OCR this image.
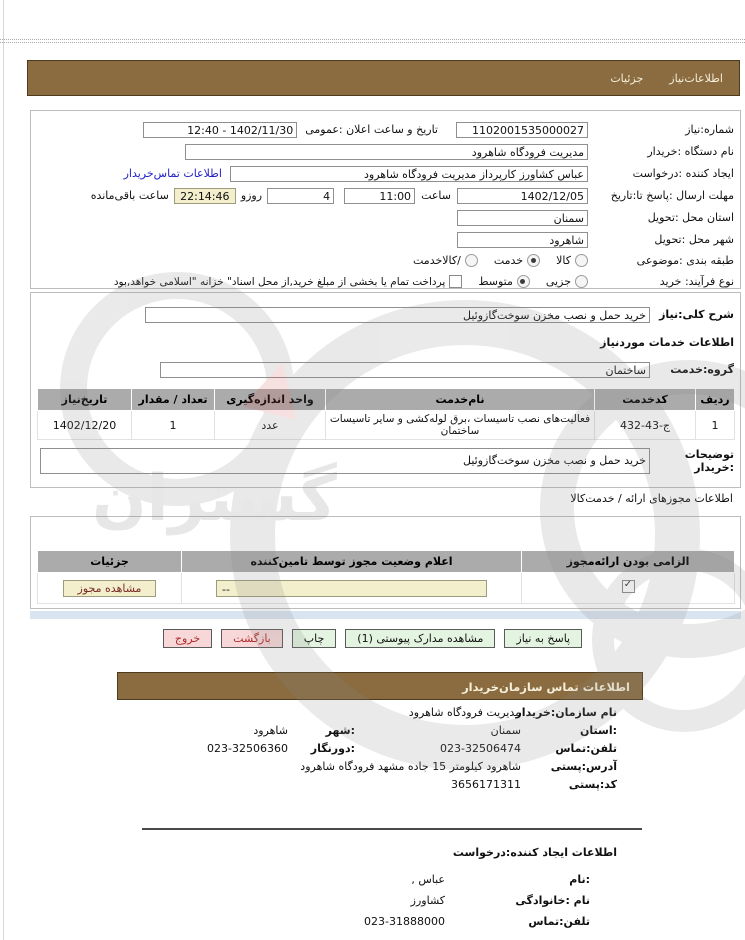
اطلاعات‌نیاز
جزئیات
شماره:نیاز
1102001535000027
تاریخ و ساعت اعلان :عمومی
12:40 - 1402/11/30
نام دستگاه :خریدار
مدیریت فرودگاه شاهرود
ایجاد کننده :درخواست
عباس کشاورز کارپرداز مدیریت فرودگاه شاهرود
اطلاعات تماس‌خریدار
مهلت ارسال :پاسخ تا:تاریخ
1402/12/05
ساعت
11:00
4
روزو
22:14:46
ساعت باقی‌مانده
استان محل :تحویل
سمنان
شهر محل :تحویل
شاهرود
طبقه بندی :موضوعی
کالا
خدمت
/کالاخدمت
نوع فرآیند: خرید
جزیی
متوسط
پرداخت تمام یا بخشی از مبلغ خرید,از محل اسناد" خزانه "اسلامی خواهد,بود
شرح کلی:نیاز
خرید حمل و نصب مخزن سوخت‌گازوئیل
اطلاعات خدمات موردنیاز
گروه:خدمت
ساختمان
ردیف	کدخدمت	نام‌خدمت	واحد اندازه‌گیری	تعداد / مقدار	تاریخ‌نیاز
1	ج-43-432	فعالیت‌های نصب تاسیسات ،برق لوله‌کشی و سایر تاسیسات ساختمان	عدد	1	1402/12/20
توضیحات
:خریدار
خرید حمل و نصب مخزن سوخت‌گازوئیل
اطلاعات مجوزهای ارائه / خدمت‌کالا
الزامی بودن ارائه‌مجوز	اعلام وضعیت مجوز توسط تامین‌کننده	جزئیات
✓	--	مشاهده مجوز
پاسخ به نیاز
مشاهده مدارک پیوستی (1)
چاپ
بازگشت
خروج
اطلاعات تماس سازمان‌خریدار
نام سازمان:خریدار
مدیریت فرودگاه شاهرود
:استان
سمنان
:شهر
شاهرود
تلفن:تماس
023-32506474
:دورنگار
023-32506360
آدرس:پستی
شاهرود کیلومتر 15 جاده مشهد فرودگاه شاهرود
کد:پستی
3656171311
اطلاعات ایجاد کننده:درخواست
:نام
عباس ,
نام :خانوادگی
کشاورز
تلفن:تماس
023-31888000
گستران
